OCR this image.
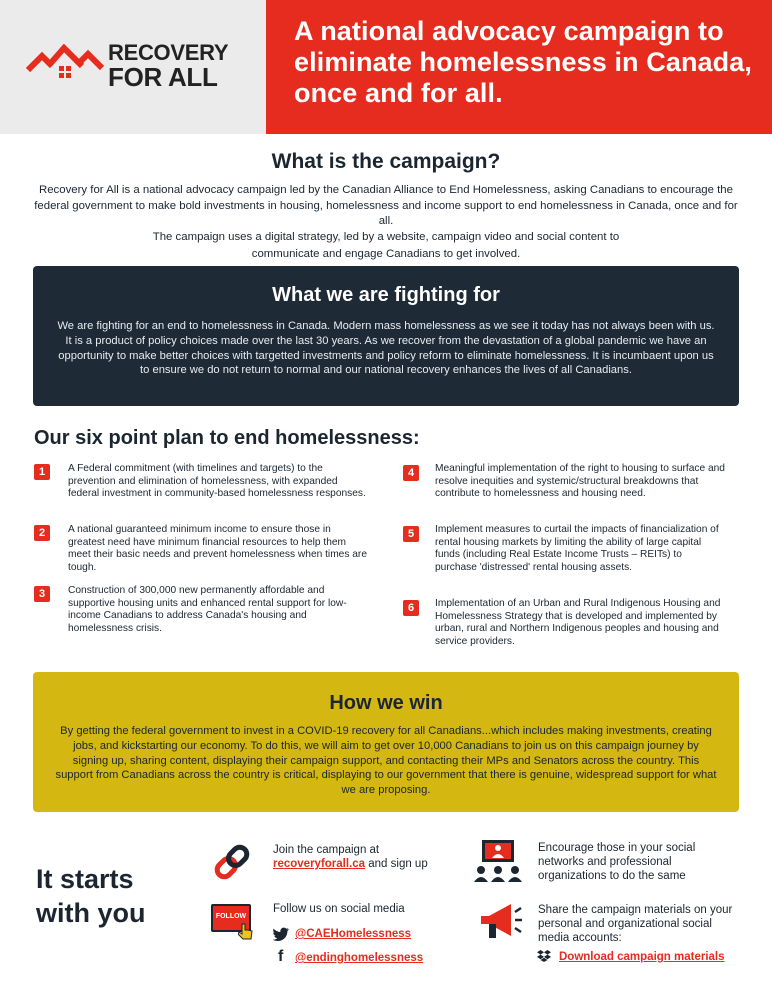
RECOVERY
FOR ALL
A national advocacy campaign to eliminate homelessness in Canada, once and for all.
What is the campaign?

Recovery for All is a national advocacy campaign led by the Canadian Alliance to End Homelessness, asking Canadians to encourage the federal government to make bold investments in housing, homelessness and income support to end homelessness in Canada, once and for all.

The campaign uses a digital strategy, led by a website, campaign video and social content to

communicate and engage Canadians to get involved.

What we are fighting for
We are fighting for an end to homelessness in Canada. Modern mass homelessness as we see it today has not always been with us. It is a product of policy choices made over the last 30 years. As we recover from the devastation of a global pandemic we have an opportunity to make better choices with targetted investments and policy reform to eliminate homelessness. It is incumbaent upon us to ensure we do not return to normal and our national recovery enhances the lives of all Canadians.
Our six point plan to end homelessness:
1	A Federal commitment (with timelines and targets) to the prevention and elimination of homelessness, with expanded federal investment in community-based homelessness responses.
2	A national guaranteed minimum income to ensure those in greatest need have minimum financial resources to help them meet their basic needs and prevent homelessness when times are tough.
3	Construction of 300,000 new permanently affordable and supportive housing units and enhanced rental support for low-income Canadians to address Canada's housing and homelessness crisis.
4	Meaningful implementation of the right to housing to surface and resolve inequities and systemic/structural breakdowns that contribute to homelessness and housing need.
5	Implement measures to curtail the impacts of financialization of rental housing markets by limiting the ability of large capital funds (including Real Estate Income Trusts – REITs) to purchase 'distressed' rental housing assets.
6	Implementation of an Urban and Rural Indigenous Housing and Homelessness Strategy that is developed and implemented by urban, rural and Northern Indigenous peoples and housing and service providers.
How we win
By getting the federal government to invest in a COVID-19 recovery for all Canadians...which includes making investments, creating jobs, and kickstarting our economy. To do this, we will aim to get over 10,000 Canadians to join us on this campaign journey by signing up, sharing content, displaying their campaign support, and contacting their MPs and Senators across the country. This support from Canadians across the country is critical, displaying to our government that there is genuine, widespread support for what we are proposing.
It starts
with you
Join the campaign at
recoveryforall.ca and sign up
FOLLOW
Follow us on social media
@CAEHomelessness
f	@endinghomelessness
Encourage those in your social networks and professional organizations to do the same
Share the campaign materials on your personal and organizational social media accounts:
Download campaign materials
